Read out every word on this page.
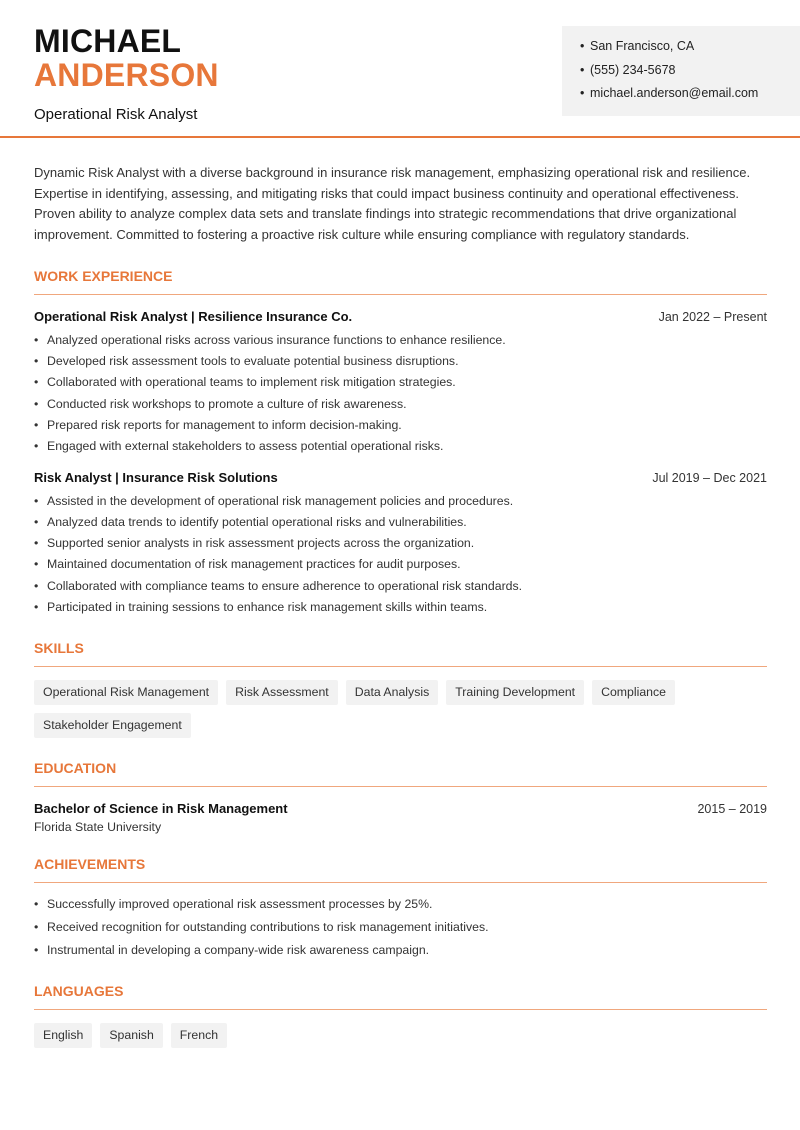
MICHAEL
ANDERSON
Operational Risk Analyst
• San Francisco, CA
• (555) 234-5678
• michael.anderson@email.com

Dynamic Risk Analyst with a diverse background in insurance risk management, emphasizing operational risk and resilience. Expertise in identifying, assessing, and mitigating risks that could impact business continuity and operational effectiveness. Proven ability to analyze complex data sets and translate findings into strategic recommendations that drive organizational improvement. Committed to fostering a proactive risk culture while ensuring compliance with regulatory standards.

WORK EXPERIENCE
Operational Risk Analyst | Resilience Insurance Co.	Jan 2022 – Present
• Analyzed operational risks across various insurance functions to enhance resilience.
• Developed risk assessment tools to evaluate potential business disruptions.
• Collaborated with operational teams to implement risk mitigation strategies.
• Conducted risk workshops to promote a culture of risk awareness.
• Prepared risk reports for management to inform decision-making.
• Engaged with external stakeholders to assess potential operational risks.
Risk Analyst | Insurance Risk Solutions	Jul 2019 – Dec 2021
• Assisted in the development of operational risk management policies and procedures.
• Analyzed data trends to identify potential operational risks and vulnerabilities.
• Supported senior analysts in risk assessment projects across the organization.
• Maintained documentation of risk management practices for audit purposes.
• Collaborated with compliance teams to ensure adherence to operational risk standards.
• Participated in training sessions to enhance risk management skills within teams.
SKILLS
Operational Risk Management	Risk Assessment	Data Analysis	Training Development	Compliance
Stakeholder Engagement
EDUCATION
Bachelor of Science in Risk Management	2015 – 2019
Florida State University
ACHIEVEMENTS
• Successfully improved operational risk assessment processes by 25%.
• Received recognition for outstanding contributions to risk management initiatives.
• Instrumental in developing a company-wide risk awareness campaign.
LANGUAGES
English	Spanish	French
